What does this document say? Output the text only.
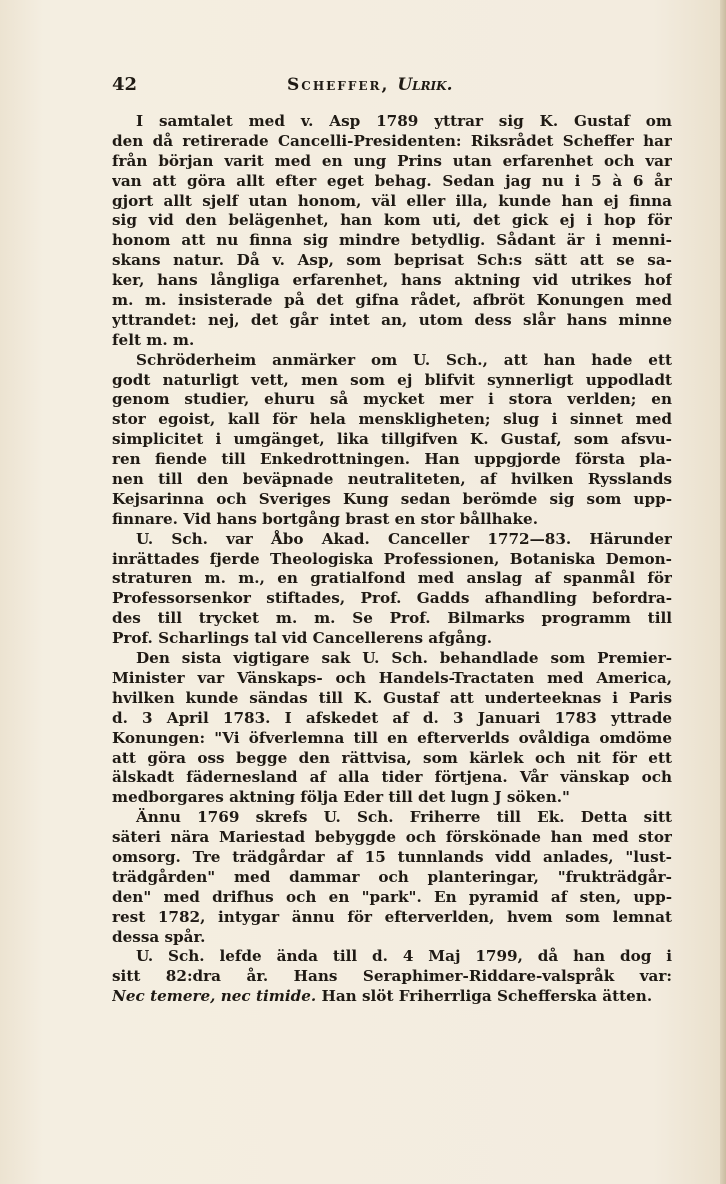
42	Scheffer, Ulrik.
I samtalet med v. Asp 1789 yttrar sig K. Gustaf om
den då retirerade Cancelli-Presidenten: Riksrådet Scheffer har
från början varit med en ung Prins utan erfarenhet och var
van att göra allt efter eget behag. Sedan jag nu i 5 à 6 år
gjort allt sjelf utan honom, väl eller illa, kunde han ej finna
sig vid den belägenhet, han kom uti, det gick ej i hop för
honom att nu finna sig mindre betydlig. Sådant är i menni-
skans natur. Då v. Asp, som beprisat Sch:s sätt att se sa-
ker, hans långliga erfarenhet, hans aktning vid utrikes hof
m. m. insisterade på det gifna rådet, afbröt Konungen med
yttrandet: nej, det går intet an, utom dess slår hans minne
felt m. m.
Schröderheim anmärker om U. Sch., att han hade ett
godt naturligt vett, men som ej blifvit synnerligt uppodladt
genom studier, ehuru så mycket mer i stora verlden; en
stor egoist, kall för hela menskligheten; slug i sinnet med
simplicitet i umgänget, lika tillgifven K. Gustaf, som afsvu-
ren fiende till Enkedrottningen. Han uppgjorde första pla-
nen till den beväpnade neutraliteten, af hvilken Rysslands
Kejsarinna och Sveriges Kung sedan berömde sig som upp-
finnare. Vid hans bortgång brast en stor bållhake.
U. Sch. var Åbo Akad. Canceller 1772—83. Härunder
inrättades fjerde Theologiska Professionen, Botaniska Demon-
straturen m. m., en gratialfond med anslag af spanmål för
Professorsenkor stiftades, Prof. Gadds afhandling befordra-
des till trycket m. m. Se Prof. Bilmarks programm till
Prof. Scharlings tal vid Cancellerens afgång.
Den sista vigtigare sak U. Sch. behandlade som Premier-
Minister var Vänskaps- och Handels-Tractaten med America,
hvilken kunde sändas till K. Gustaf att underteeknas i Paris
d. 3 April 1783. I afskedet af d. 3 Januari 1783 yttrade
Konungen: "Vi öfverlemna till en efterverlds ovåldiga omdöme
att göra oss begge den rättvisa, som kärlek och nit för ett
älskadt fädernesland af alla tider förtjena. Vår vänskap och
medborgares aktning följa Eder till det lugn J söken."
Ännu 1769 skrefs U. Sch. Friherre till Ek. Detta sitt
säteri nära Mariestad bebyggde och förskönade han med stor
omsorg. Tre trädgårdar af 15 tunnlands vidd anlades, "lust-
trädgården" med dammar och planteringar, "frukträdgår-
den" med drifhus och en "park". En pyramid af sten, upp-
rest 1782, intygar ännu för efterverlden, hvem som lemnat
dessa spår.
U. Sch. lefde ända till d. 4 Maj 1799, då han dog i
sitt 82:dra år. Hans Seraphimer-Riddare-valspråk var:
Nec temere, nec timide. Han slöt Friherrliga Schefferska ätten.
